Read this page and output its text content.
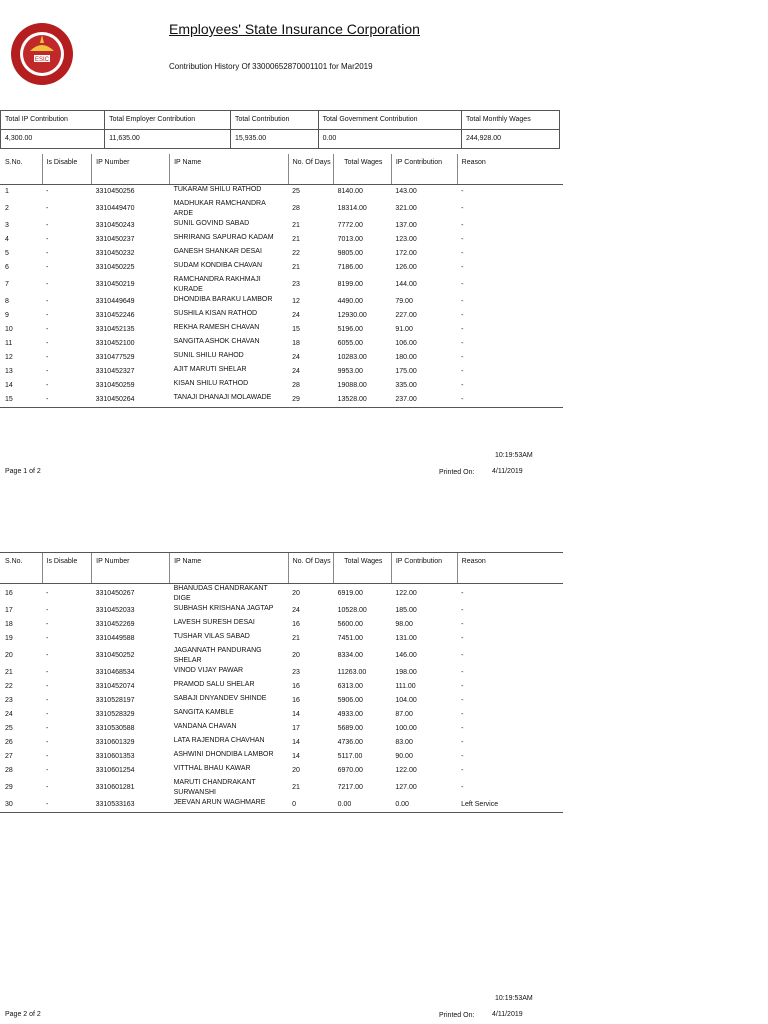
ESIC
Employees' State Insurance Corporation
Contribution History Of 33000652870001101 for Mar2019
Total IP Contribution	Total Employer Contribution	Total Contribution	Total Government Contribution	Total Monthly Wages
4,300.00	11,635.00	15,935.00	0.00	244,928.00
S.No.	Is Disable	IP Number	IP Name	No. Of Days	Total Wages	IP Contribution	Reason
1	-	3310450256	TUKARAM SHILU RATHOD	25	8140.00	143.00	-
2	-	3310449470	MADHUKAR RAMCHANDRA ARDE	28	18314.00	321.00	-
3	-	3310450243	SUNIL GOVIND SABAD	21	7772.00	137.00	-
4	-	3310450237	SHRIRANG SAPURAO KADAM	21	7013.00	123.00	-
5	-	3310450232	GANESH SHANKAR DESAI	22	9805.00	172.00	-
6	-	3310450225	SUDAM KONDIBA CHAVAN	21	7186.00	126.00	-
7	-	3310450219	RAMCHANDRA RAKHMAJI KURADE	23	8199.00	144.00	-
8	-	3310449649	DHONDIBA BARAKU LAMBOR	12	4490.00	79.00	-
9	-	3310452246	SUSHILA KISAN RATHOD	24	12930.00	227.00	-
10	-	3310452135	REKHA RAMESH CHAVAN	15	5196.00	91.00	-
11	-	3310452100	SANGITA ASHOK CHAVAN	18	6055.00	106.00	-
12	-	3310477529	SUNIL SHILU RAHOD	24	10283.00	180.00	-
13	-	3310452327	AJIT MARUTI SHELAR	24	9953.00	175.00	-
14	-	3310450259	KISAN SHILU RATHOD	28	19088.00	335.00	-
15	-	3310450264	TANAJI DHANAJI MOLAWADE	29	13528.00	237.00	-
10:19:53AM
Page 1 of 2	Printed On:	4/11/2019
S.No.	Is Disable	IP Number	IP Name	No. Of Days	Total Wages	IP Contribution	Reason
16	-	3310450267	BHANUDAS CHANDRAKANT DIGE	20	6919.00	122.00	-
17	-	3310452033	SUBHASH KRISHANA JAGTAP	24	10528.00	185.00	-
18	-	3310452269	LAVESH SURESH DESAI	16	5600.00	98.00	-
19	-	3310449588	TUSHAR VILAS SABAD	21	7451.00	131.00	-
20	-	3310450252	JAGANNATH PANDURANG SHELAR	20	8334.00	146.00	-
21	-	3310468534	VINOD VIJAY PAWAR	23	11263.00	198.00	-
22	-	3310452074	PRAMOD SALU SHELAR	16	6313.00	111.00	-
23	-	3310528197	SABAJI DNYANDEV SHINDE	16	5906.00	104.00	-
24	-	3310528329	SANGITA KAMBLE	14	4933.00	87.00	-
25	-	3310530588	VANDANA CHAVAN	17	5689.00	100.00	-
26	-	3310601329	LATA RAJENDRA CHAVHAN	14	4736.00	83.00	-
27	-	3310601353	ASHWINI DHONDIBA LAMBOR	14	5117.00	90.00	-
28	-	3310601254	VITTHAL BHAU KAWAR	20	6970.00	122.00	-
29	-	3310601281	MARUTI CHANDRAKANT SURWANSHI	21	7217.00	127.00	-
30	-	3310533163	JEEVAN ARUN WAGHMARE	0	0.00	0.00	Left Service
10:19:53AM
Page 2 of 2	Printed On:	4/11/2019
